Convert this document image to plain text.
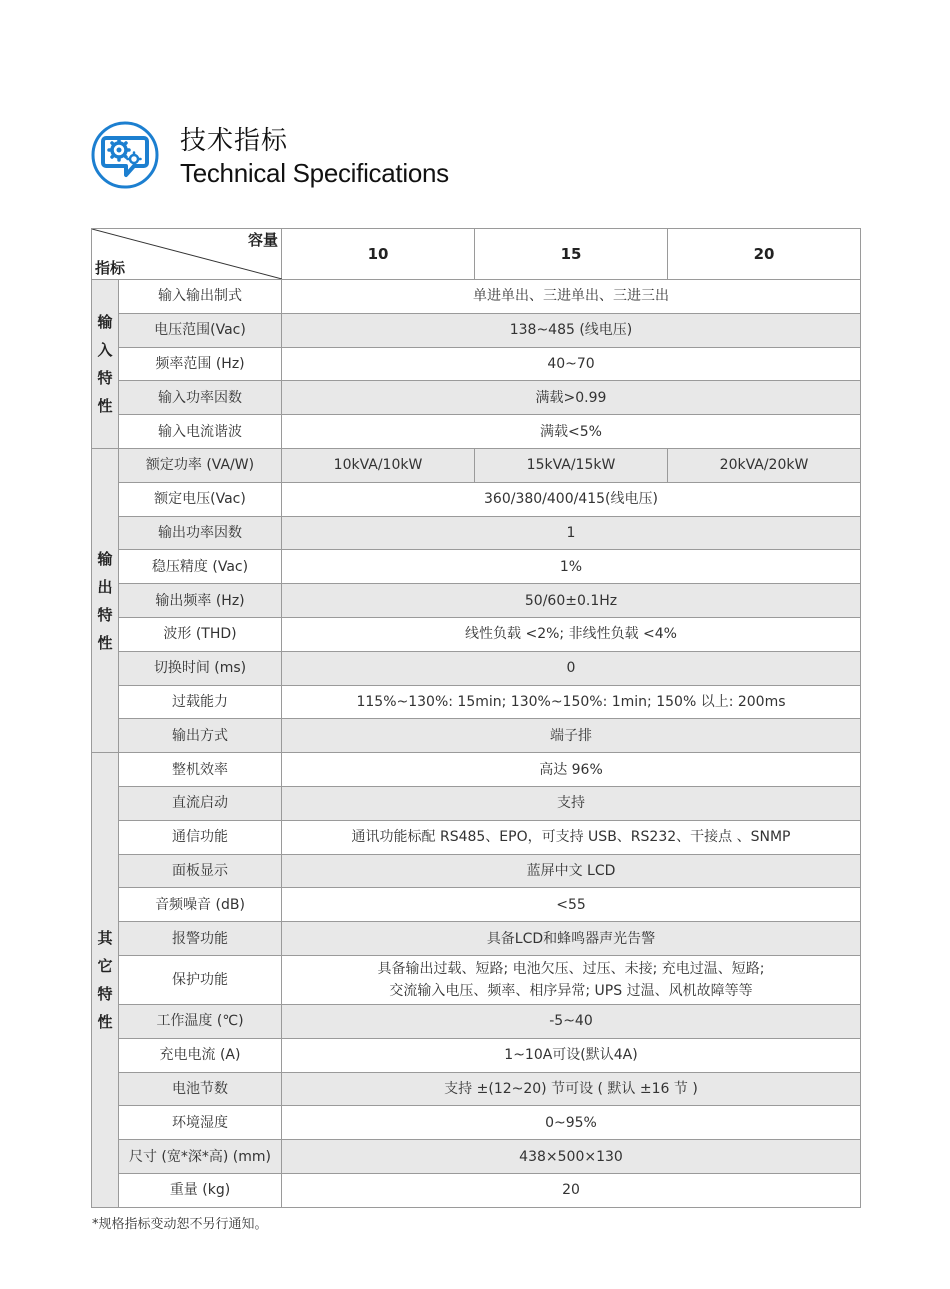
技术指标
Technical Specifications
容量
指标		10	15	20
输入特性	输入输出制式	单进单出、三进单出、三进三出		
	电压范围(Vac)	138~485 (线电压)		
	频率范围 (Hz)	40~70		
	输入功率因数	满载>0.99		
	输入电流谐波	满载<5%		
输出特性	额定功率 (VA/W)	10kVA/10kW	15kVA/15kW	20kVA/20kW
	额定电压(Vac)	360/380/400/415(线电压)		
	输出功率因数	1		
	稳压精度 (Vac)	1%		
	输出频率 (Hz)	50/60±0.1Hz		
	波形 (THD)	线性负载 <2%; 非线性负载 <4%		
	切换时间 (ms)	0		
	过载能力	115%~130%: 15min; 130%~150%: 1min; 150% 以上: 200ms		
	输出方式	端子排		
其它特性	整机效率	高达 96%		
	直流启动	支持		
	通信功能	通讯功能标配 RS485、EPO，可支持 USB、RS232、干接点 、SNMP		
	面板显示	蓝屏中文 LCD		
	音频噪音 (dB)	<55		
	报警功能	具备LCD和蜂鸣器声光告警		
	保护功能	具备输出过载、短路; 电池欠压、过压、未接; 充电过温、短路;
交流输入电压、频率、相序异常; UPS 过温、风机故障等等		

	工作温度 (℃)	-5~40		
	充电电流 (A)	1~10A可设(默认4A)		
	电池节数	支持 ±(12~20) 节可设 ( 默认 ±16 节 )		
	环境湿度	0~95%		
	尺寸 (宽*深*高) (mm)	438×500×130		
	重量 (kg)	20		
*规格指标变动恕不另行通知。
